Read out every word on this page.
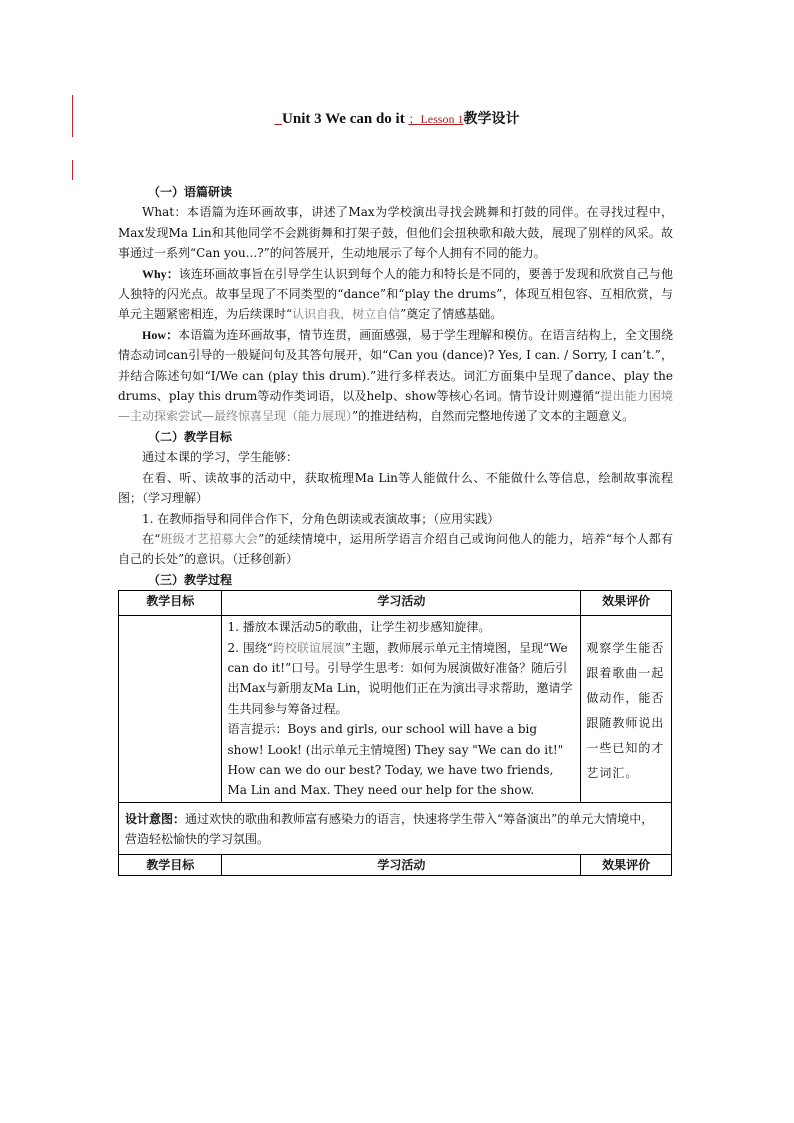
_Unit 3 We can do it ；Lesson 1教学设计

（一）语篇研读

What：本语篇为连环画故事，讲述了Max为学校演出寻找会跳舞和打鼓的同伴。在寻找过程中，Max发现Ma Lin和其他同学不会跳街舞和打架子鼓，但他们会扭秧歌和敲大鼓，展现了别样的风采。故事通过一系列“Can you...?”的问答展开，生动地展示了每个人拥有不同的能力。

Why：该连环画故事旨在引导学生认识到每个人的能力和特长是不同的，要善于发现和欣赏自己与他人独特的闪光点。故事呈现了不同类型的“dance”和“play the drums”，体现互相包容、互相欣赏，与单元主题紧密相连，为后续课时“认识自我，树立自信”奠定了情感基础。

How：本语篇为连环画故事，情节连贯，画面感强，易于学生理解和模仿。在语言结构上，全文围绕情态动词can引导的一般疑问句及其答句展开，如“Can you (dance)? Yes, I can. / Sorry, I can’t.”，并结合陈述句如“I/We can (play this drum).”进行多样表达。词汇方面集中呈现了dance、play the drums、play this drum等动作类词语，以及help、show等核心名词。情节设计则遵循“提出能力困境—主动探索尝试—最终惊喜呈现（能力展现）”的推进结构，自然而完整地传递了文本的主题意义。

（二）教学目标

通过本课的学习，学生能够：

在看、听、读故事的活动中，获取梳理Ma Lin等人能做什么、不能做什么等信息，绘制故事流程图；（学习理解）

1. 在教师指导和同伴合作下，分角色朗读或表演故事；（应用实践）

在“班级才艺招募大会”的延续情境中，运用所学语言介绍自己或询问他人的能力，培养“每个人都有自己的长处”的意识。（迁移创新）

（三）教学过程

教学目标	学习活动	效果评价

	1. 播放本课活动5的歌曲，让学生初步感知旋律。
2. 围绕“跨校联谊展演”主题，教师展示单元主情境图，呈现“We can do it!”口号。引导学生思考：如何为展演做好准备？随后引出Max与新朋友Ma Lin，说明他们正在为演出寻求帮助，邀请学生共同参与筹备过程。
语言提示：Boys and girls, our school will have a big show! Look! (出示单元主情境图) They say "We can do it!" How can we do our best? Today, we have two friends, Ma Lin and Max. They need our help for the show.	观察学生能否跟着歌曲一起做动作，能否跟随教师说出一些已知的才艺词汇。
设计意图：通过欢快的歌曲和教师富有感染力的语言，快速将学生带入“筹备演出”的单元大情境中，营造轻松愉快的学习氛围。		
教学目标	学习活动	效果评价
